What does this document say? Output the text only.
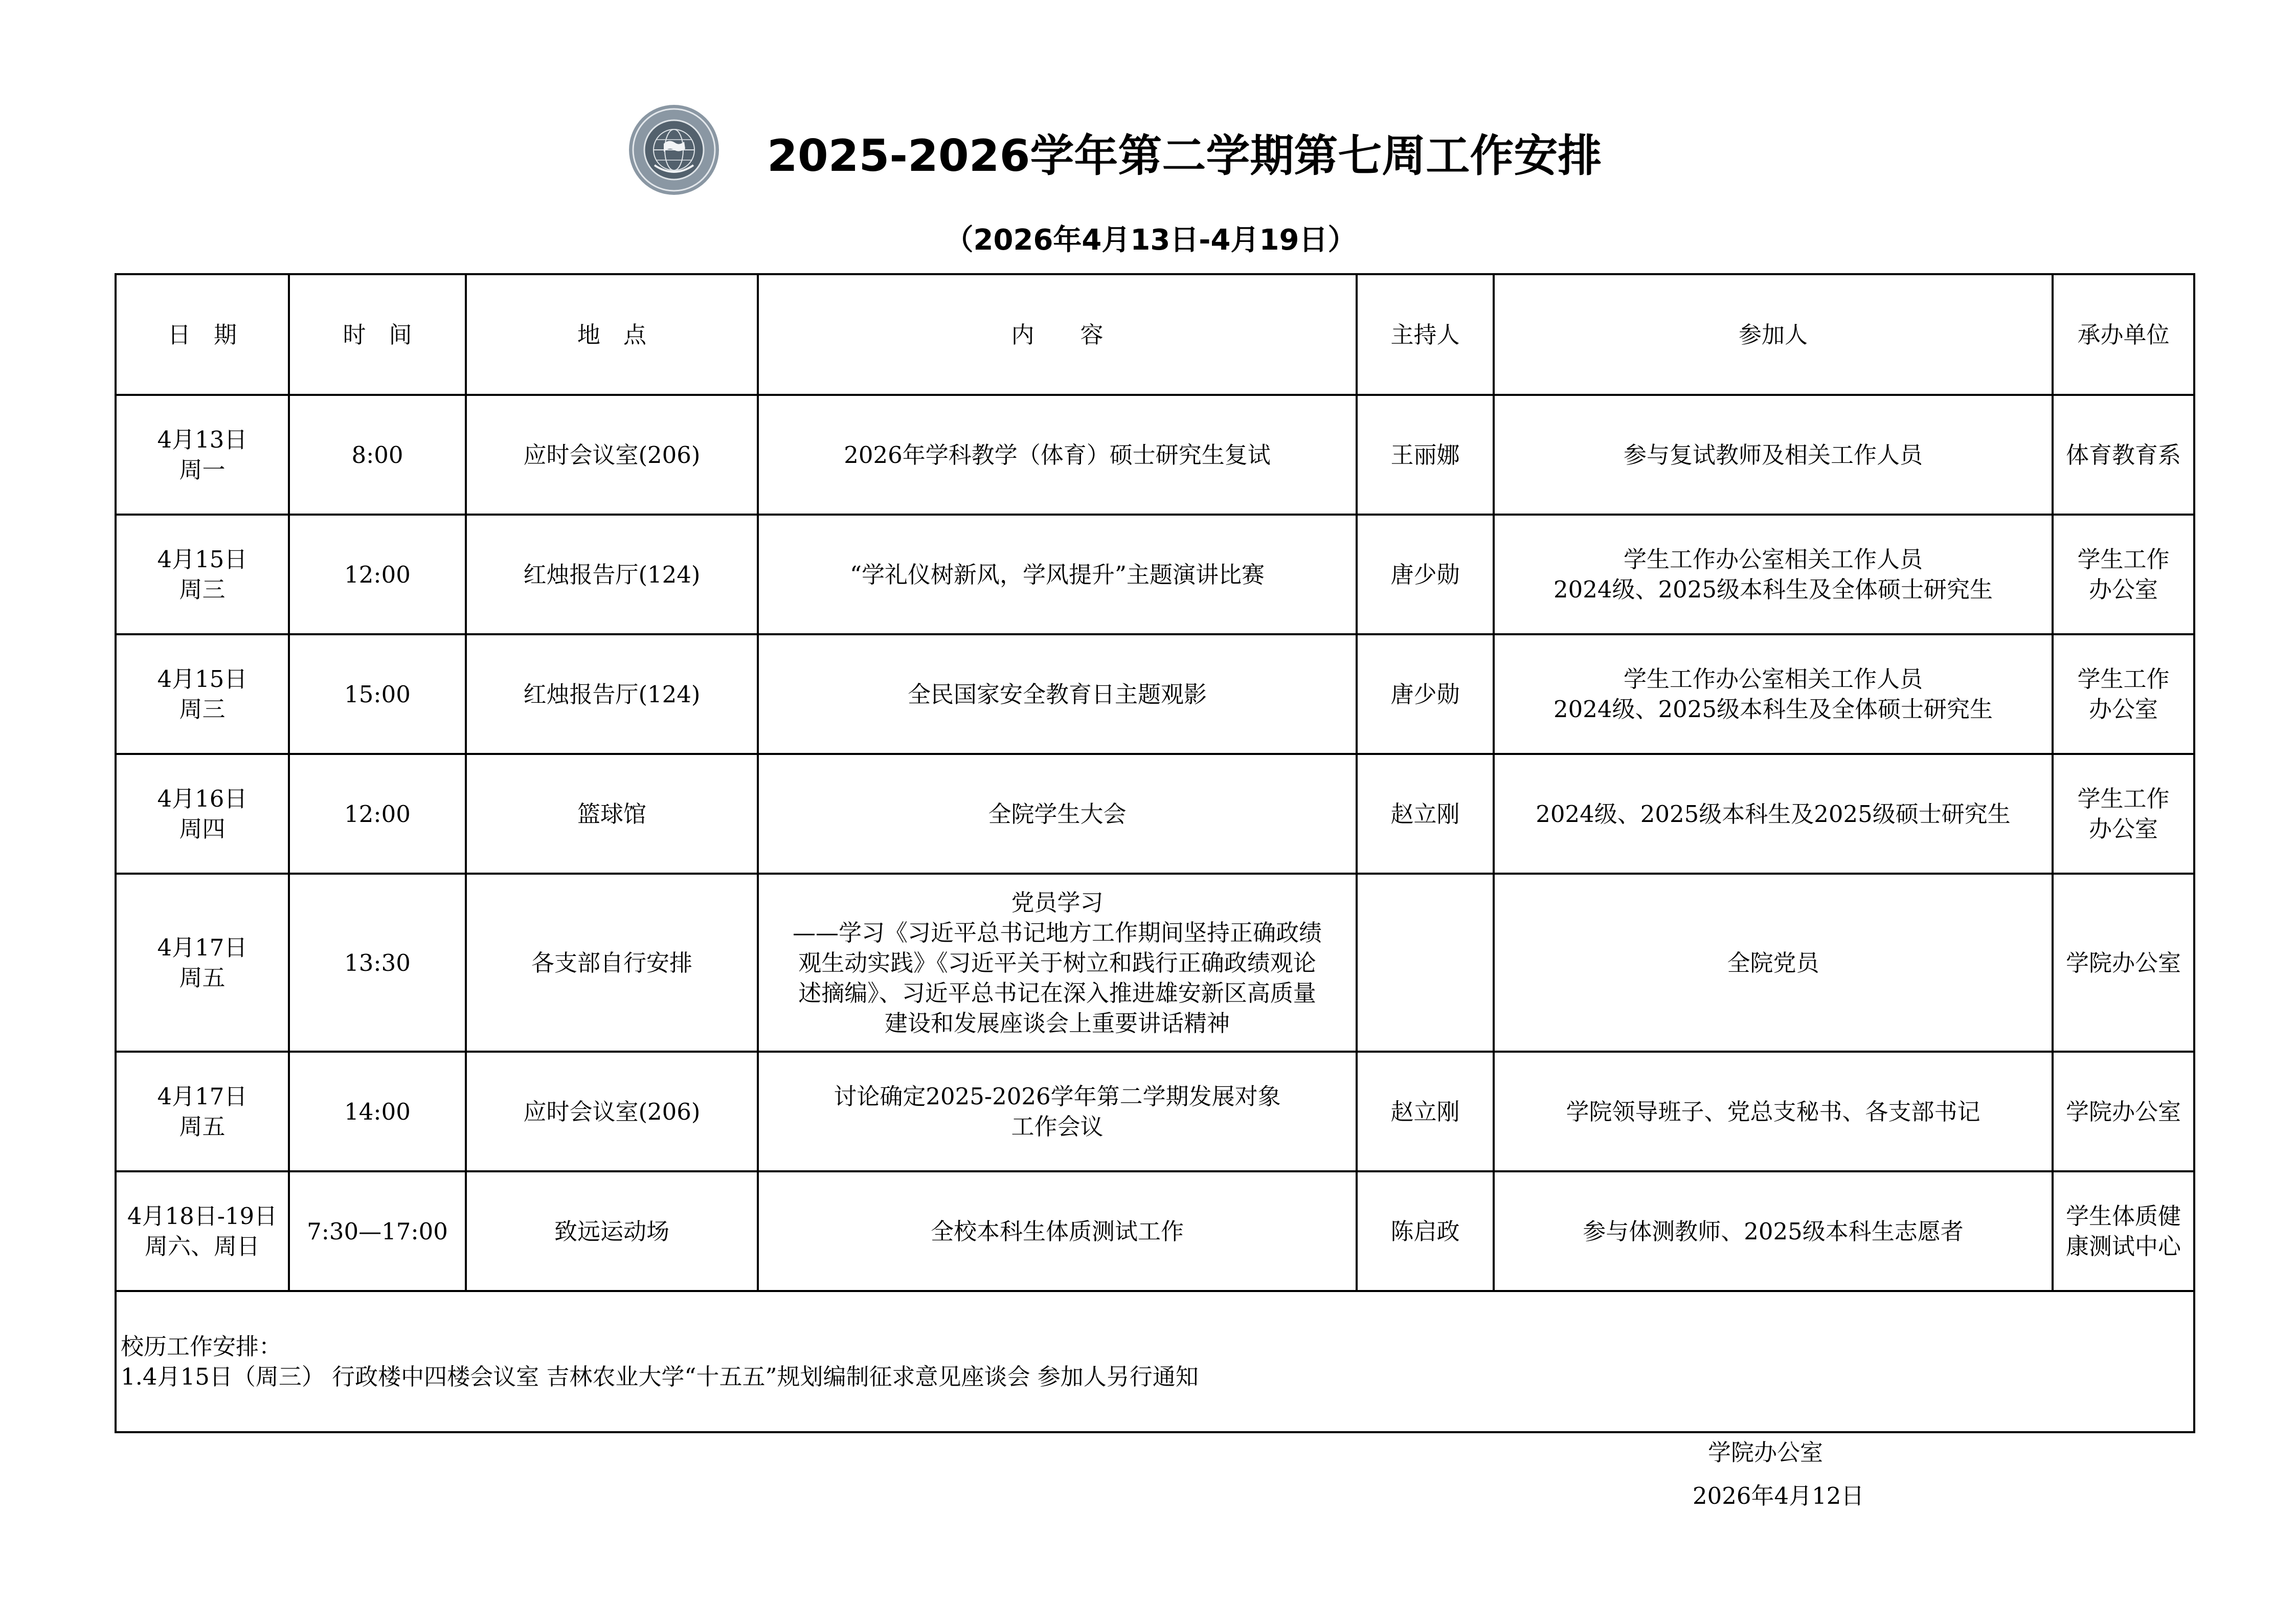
2025-2026学年第二学期第七周工作安排
（2026年4月13日-4月19日）
日　期	时　间	地　点	内　　容	主持人	参加人	承办单位
4月13日
周一	8:00	应时会议室(206)	2026年学科教学（体育）硕士研究生复试	王丽娜	参与复试教师及相关工作人员	体育教育系
4月15日
周三	12:00	红烛报告厅(124)	“学礼仪树新风，学风提升”主题演讲比赛	唐少勋	学生工作办公室相关工作人员
2024级、2025级本科生及全体硕士研究生	学生工作
办公室
4月15日
周三	15:00	红烛报告厅(124)	全民国家安全教育日主题观影	唐少勋	学生工作办公室相关工作人员
2024级、2025级本科生及全体硕士研究生	学生工作
办公室
4月16日
周四	12:00	篮球馆	全院学生大会	赵立刚	2024级、2025级本科生及2025级硕士研究生	学生工作
办公室
4月17日
周五	13:30	各支部自行安排	党员学习
——学习《习近平总书记地方工作期间坚持正确政绩
观生动实践》《习近平关于树立和践行正确政绩观论
述摘编》、习近平总书记在深入推进雄安新区高质量
建设和发展座谈会上重要讲话精神		全院党员	学院办公室
4月17日
周五	14:00	应时会议室(206)	讨论确定2025-2026学年第二学期发展对象
工作会议	赵立刚	学院领导班子、党总支秘书、各支部书记	学院办公室
4月18日-19日
周六、周日	7:30—17:00	致远运动场	全校本科生体质测试工作	陈启政	参与体测教师、2025级本科生志愿者	学生体质健
康测试中心

校历工作安排：
1.4月15日（周三） 行政楼中四楼会议室 吉林农业大学“十五五”规划编制征求意见座谈会 参加人另行通知						
学院办公室
2026年4月12日
